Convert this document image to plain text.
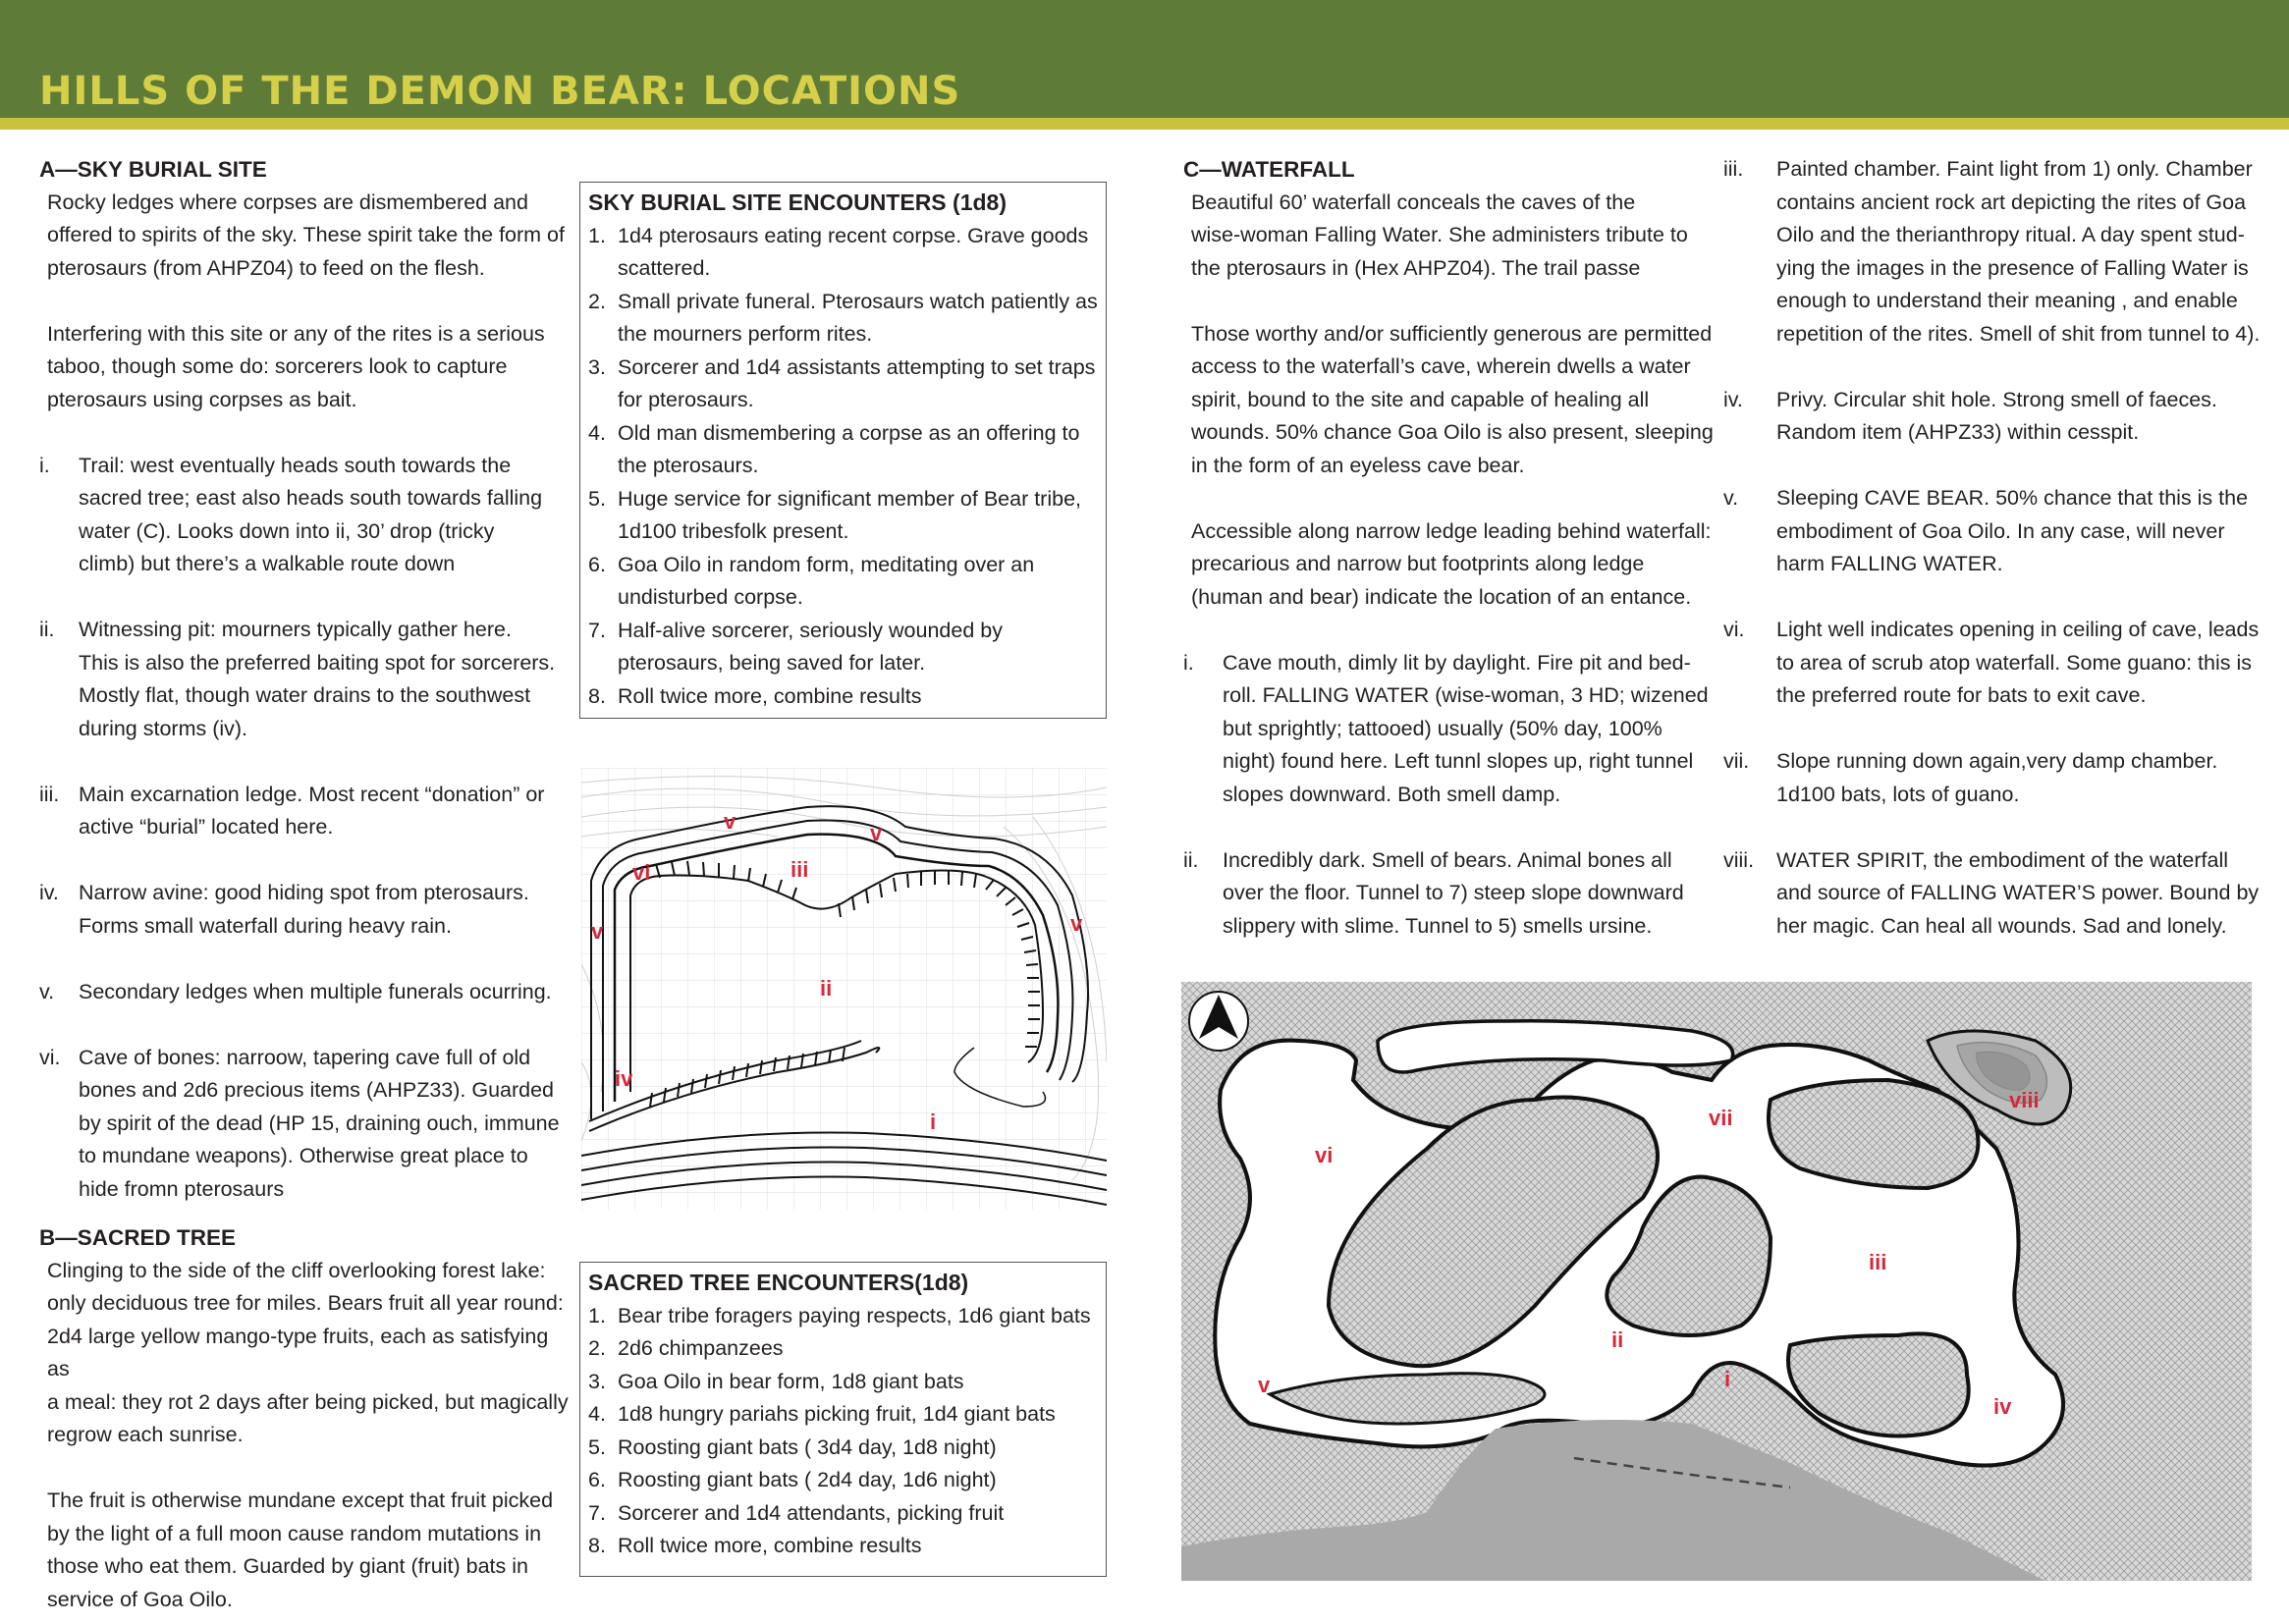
HILLS OF THE DEMON BEAR: LOCATIONS

A—SKY BURIAL SITE

Rocky ledges where corpses are dismembered and
offered to spirits of the sky. These spirit take the form of
pterosaurs (from AHPZ04) to feed on the flesh.
Interfering with this site or any of the rites is a serious
taboo, though some do: sorcerers look to capture
pterosaurs using corpses as bait.
i. Trail: west eventually heads south towards the
sacred tree; east also heads south towards falling
water (C). Looks down into ii, 30’ drop (tricky
climb) but there’s a walkable route down
ii. Witnessing pit: mourners typically gather here.
This is also the preferred baiting spot for sorcerers.
Mostly flat, though water drains to the southwest
during storms (iv).
iii. Main excarnation ledge. Most recent “donation” or
active “burial” located here.
iv. Narrow avine: good hiding spot from pterosaurs.
Forms small waterfall during heavy rain.
v. Secondary ledges when multiple funerals ocurring.
vi. Cave of bones: narroow, tapering cave full of old
bones and 2d6 precious items (AHPZ33). Guarded
by spirit of the dead (HP 15, draining ouch, immune
to mundane weapons). Otherwise great place to
hide fromn pterosaurs

B—SACRED TREE

Clinging to the side of the cliff overlooking forest lake:
only deciduous tree for miles. Bears fruit all year round:
2d4 large yellow mango-type fruits, each as satisfying as
a meal: they rot 2 days after being picked, but magically
regrow each sunrise.
The fruit is otherwise mundane except that fruit picked
by the light of a full moon cause random mutations in
those who eat them. Guarded by giant (fruit) bats in
service of Goa Oilo.

SKY BURIAL SITE ENCOUNTERS (1d8)

1. 1d4 pterosaurs eating recent corpse. Grave goods
scattered.
2. Small private funeral. Pterosaurs watch patiently as
the mourners perform rites.
3. Sorcerer and 1d4 assistants attempting to set traps
for pterosaurs.
4. Old man dismembering a corpse as an offering to
the pterosaurs.
5. Huge service for significant member of Bear tribe,
1d100 tribesfolk present.
6. Goa Oilo in random form, meditating over an
undisturbed corpse.
7. Half-alive sorcerer, seriously wounded by
pterosaurs, being saved for later.
8. Roll twice more, combine results
v	v
vi	iii
v	v
ii
iv
i

SACRED TREE ENCOUNTERS(1d8)

1. Bear tribe foragers paying respects, 1d6 giant bats
2. 2d6 chimpanzees
3. Goa Oilo in bear form, 1d8 giant bats
4. 1d8 hungry pariahs picking fruit, 1d4 giant bats
5. Roosting giant bats ( 3d4 day, 1d8 night)
6. Roosting giant bats ( 2d4 day, 1d6 night)
7. Sorcerer and 1d4 attendants, picking fruit
8. Roll twice more, combine results

C—WATERFALL

Beautiful 60’ waterfall conceals the caves of the
wise-woman Falling Water. She administers tribute to
the pterosaurs in (Hex AHPZ04). The trail passe
Those worthy and/or sufficiently generous are permitted
access to the waterfall’s cave, wherein dwells a water
spirit, bound to the site and capable of healing all
wounds. 50% chance Goa Oilo is also present, sleeping
in the form of an eyeless cave bear.
Accessible along narrow ledge leading behind waterfall:
precarious and narrow but footprints along ledge
(human and bear) indicate the location of an entance.
i. Cave mouth, dimly lit by daylight. Fire pit and bed-
roll. FALLING WATER (wise-woman, 3 HD; wizened
but sprightly; tattooed) usually (50% day, 100%
night) found here. Left tunnl slopes up, right tunnel
slopes downward. Both smell damp.
ii. Incredibly dark. Smell of bears. Animal bones all
over the floor. Tunnel to 7) steep slope downward
slippery with slime. Tunnel to 5) smells ursine.
iii. Painted chamber. Faint light from 1) only. Chamber
contains ancient rock art depicting the rites of Goa
Oilo and the therianthropy ritual. A day spent stud-
ying the images in the presence of Falling Water is
enough to understand their meaning , and enable
repetition of the rites. Smell of shit from tunnel to 4).
iv. Privy. Circular shit hole. Strong smell of faeces.
Random item (AHPZ33) within cesspit.
v. Sleeping CAVE BEAR. 50% chance that this is the
embodiment of Goa Oilo. In any case, will never
harm FALLING WATER.
vi. Light well indicates opening in ceiling of cave, leads
to area of scrub atop waterfall. Some guano: this is
the preferred route for bats to exit cave.
vii. Slope running down again,very damp chamber.
1d100 bats, lots of guano.
viii. WATER SPIRIT, the embodiment of the waterfall
and source of FALLING WATER’S power. Bound by
her magic. Can heal all wounds. Sad and lonely.
vi
vii
viii
iii
ii
i
v
iv
